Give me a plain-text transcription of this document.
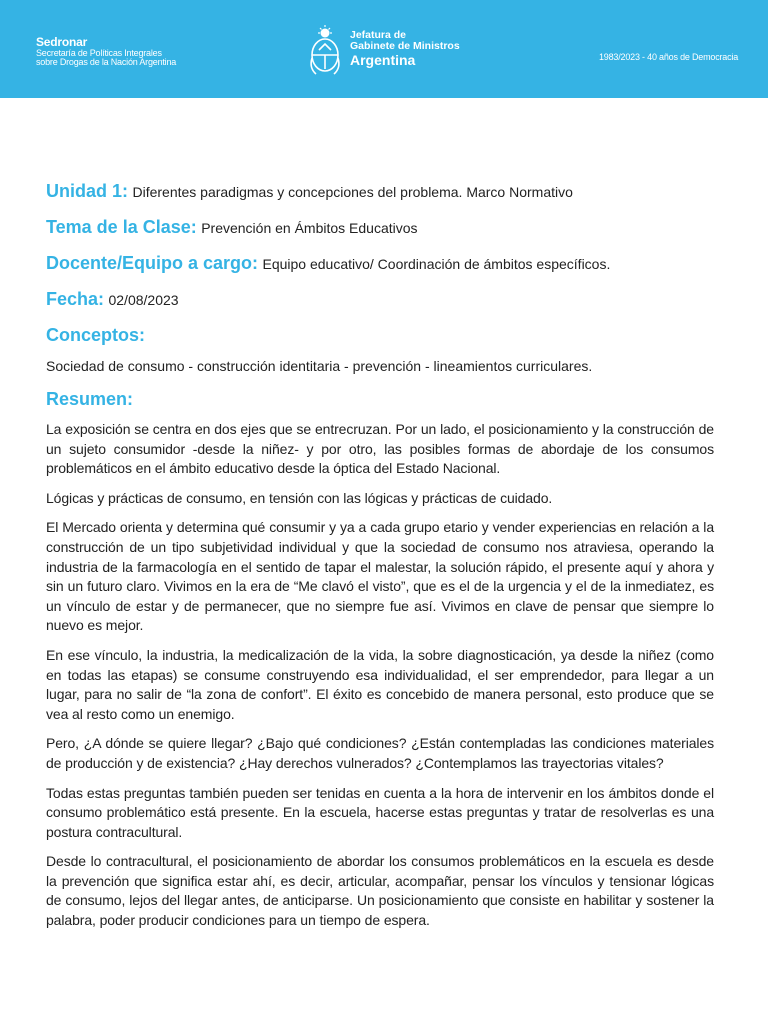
Sedronar
Secretaría de Políticas Integrales
sobre Drogas de la Nación Argentina
Jefatura de
Gabinete de Ministros
Argentina	1983/2023 - 40 años de Democracia
Unidad 1: Diferentes paradigmas y concepciones del problema. Marco Normativo
Tema de la Clase: Prevención en Ámbitos Educativos
Docente/Equipo a cargo: Equipo educativo/ Coordinación de ámbitos específicos.
Fecha: 02/08/2023
Conceptos:
Sociedad de consumo - construcción identitaria - prevención - lineamientos curriculares.
Resumen:

La exposición se centra en dos ejes que se entrecruzan. Por un lado, el posicionamiento y la construcción de un sujeto consumidor -desde la niñez- y por otro, las posibles formas de abordaje de los consumos problemáticos en el ámbito educativo desde la óptica del Estado Nacional.

Lógicas y prácticas de consumo, en tensión con las lógicas y prácticas de cuidado.

El Mercado orienta y determina qué consumir y ya a cada grupo etario y vender experiencias en relación a la construcción de un tipo subjetividad individual y que la sociedad de consumo nos atraviesa, operando la industria de la farmacología en el sentido de tapar el malestar, la solución rápido, el presente aquí y ahora y sin un futuro claro. Vivimos en la era de “Me clavó el visto”, que es el de la urgencia y el de la inmediatez, es un vínculo de estar y de permanecer, que no siempre fue así. Vivimos en clave de pensar que siempre lo nuevo es mejor.

En ese vínculo, la industria, la medicalización de la vida, la sobre diagnosticación, ya desde la niñez (como en todas las etapas) se consume construyendo esa individualidad, el ser emprendedor, para llegar a un lugar, para no salir de “la zona de confort”. El éxito es concebido de manera personal, esto produce que se vea al resto como un enemigo.

Pero, ¿A dónde se quiere llegar? ¿Bajo qué condiciones? ¿Están contempladas las condiciones materiales de producción y de existencia? ¿Hay derechos vulnerados? ¿Contemplamos las trayectorias vitales?

Todas estas preguntas también pueden ser tenidas en cuenta a la hora de intervenir en los ámbitos donde el consumo problemático está presente. En la escuela, hacerse estas preguntas y tratar de resolverlas es una postura contracultural.

Desde lo contracultural, el posicionamiento de abordar los consumos problemáticos en la escuela es desde la prevención que significa estar ahí, es decir, articular, acompañar, pensar los vínculos y tensionar lógicas de consumo, lejos del llegar antes, de anticiparse. Un posicionamiento que consiste en habilitar y sostener la palabra, poder producir condiciones para un tiempo de espera.
